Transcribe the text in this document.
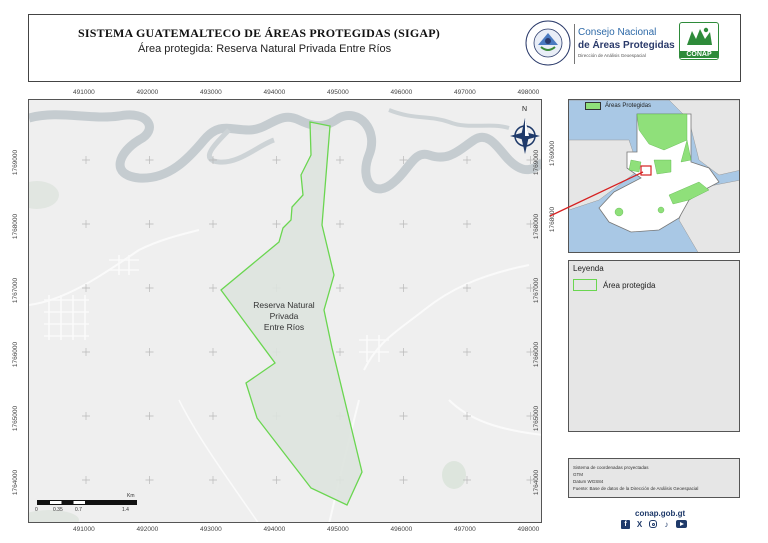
SISTEMA GUATEMALTECO DE ÁREAS PROTEGIDAS (SIGAP)
Área protegida: Reserva Natural Privada Entre Ríos
Consejo Nacional
de Áreas Protegidas
Dirección de Análisis Geoespacial	CONAP
Reserva Natural
Privada
Entre Ríos
N
Km
0	0.35 0.7	1.4
Áreas Protegidas
1769000
1768000
Leyenda
Área protegida
Sistema de coordenadas proyectadas
GTM
Datum WGS84
Fuente: Base de datos de la Dirección de Análisis Geoespacial
conap.gob.gt
f	X	♪
491000
491000
492000
492000
493000
493000
494000
494000
495000
495000
496000
496000
497000
497000
498000
498000
1769000	1769000
1768000	1768000
1767000	1767000
1766000	1766000
1765000	1765000
1764000	1764000
